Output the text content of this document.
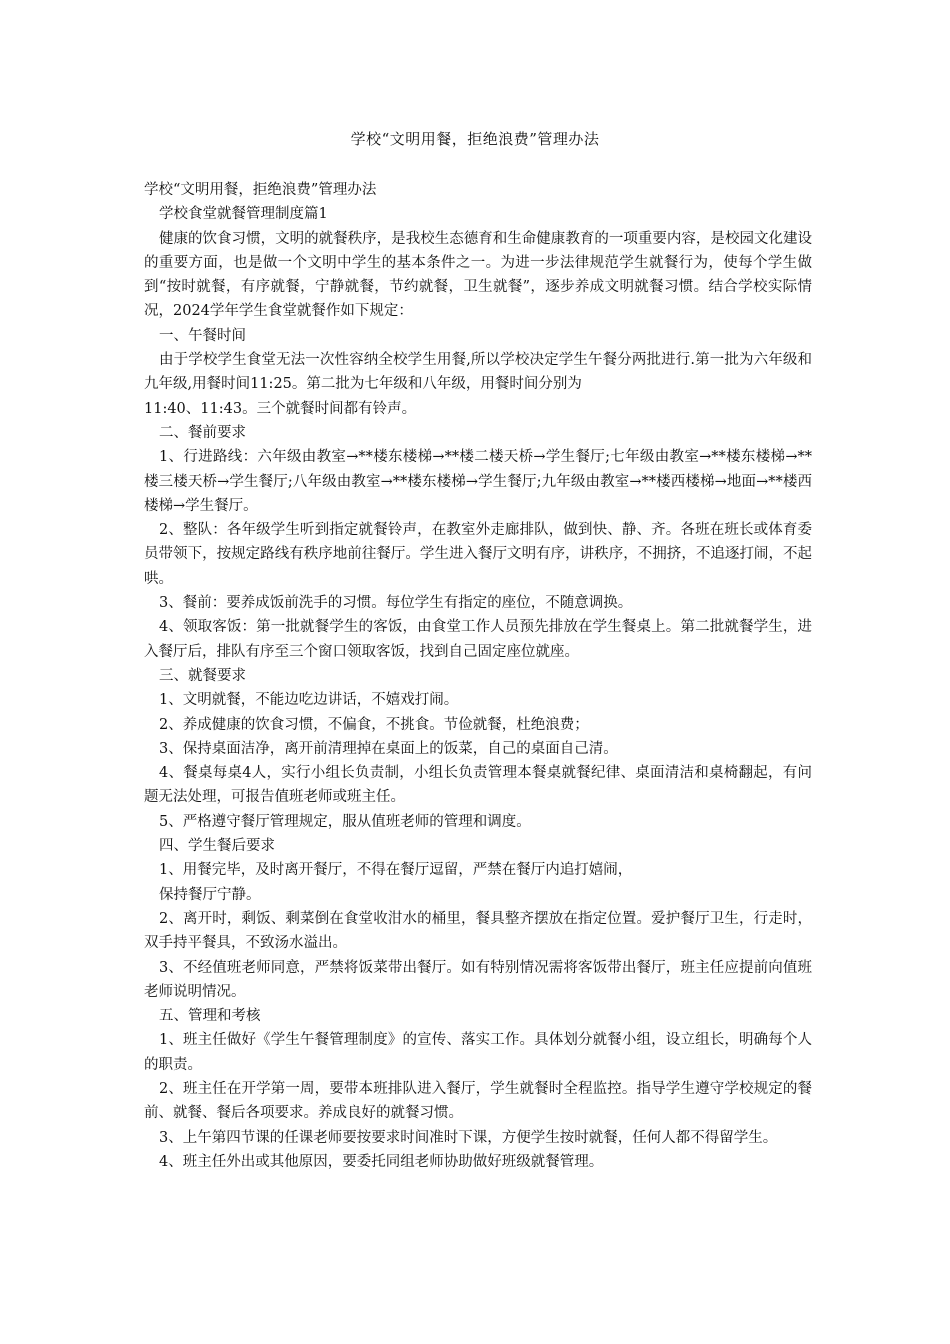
学校“文明用餐，拒绝浪费”管理办法

学校“文明用餐，拒绝浪费”管理办法

学校食堂就餐管理制度篇1

健康的饮食习惯，文明的就餐秩序，是我校生态德育和生命健康教育的一项重要内容，是校园文化建设的重要方面，也是做一个文明中学生的基本条件之一。为进一步法律规范学生就餐行为，使每个学生做到“按时就餐，有序就餐，宁静就餐，节约就餐，卫生就餐”，逐步养成文明就餐习惯。结合学校实际情况，2024学年学生食堂就餐作如下规定：

一、午餐时间

由于学校学生食堂无法一次性容纳全校学生用餐,所以学校决定学生午餐分两批进行.第一批为六年级和九年级,用餐时间11:25。第二批为七年级和八年级，用餐时间分别为

11:40、11:43。三个就餐时间都有铃声。

二、餐前要求

1、行进路线：六年级由教室→**楼东楼梯→**楼二楼天桥→学生餐厅;七年级由教室→**楼东楼梯→**楼三楼天桥→学生餐厅;八年级由教室→**楼东楼梯→学生餐厅;九年级由教室→**楼西楼梯→地面→**楼西楼梯→学生餐厅。

2、整队：各年级学生听到指定就餐铃声，在教室外走廊排队，做到快、静、齐。各班在班长或体育委员带领下，按规定路线有秩序地前往餐厅。学生进入餐厅文明有序，讲秩序，不拥挤，不追逐打闹，不起哄。

3、餐前：要养成饭前洗手的习惯。每位学生有指定的座位，不随意调换。

4、领取客饭：第一批就餐学生的客饭，由食堂工作人员预先排放在学生餐桌上。第二批就餐学生，进入餐厅后，排队有序至三个窗口领取客饭，找到自己固定座位就座。

三、就餐要求

1、文明就餐，不能边吃边讲话，不嬉戏打闹。

2、养成健康的饮食习惯，不偏食，不挑食。节俭就餐，杜绝浪费；

3、保持桌面洁净，离开前清理掉在桌面上的饭菜，自己的桌面自己清。

4、餐桌每桌4人，实行小组长负责制，小组长负责管理本餐桌就餐纪律、桌面清洁和桌椅翻起，有问题无法处理，可报告值班老师或班主任。

5、严格遵守餐厅管理规定，服从值班老师的管理和调度。

四、学生餐后要求

1、用餐完毕，及时离开餐厅，不得在餐厅逗留，严禁在餐厅内追打嬉闹，

保持餐厅宁静。

2、离开时，剩饭、剩菜倒在食堂收泔水的桶里，餐具整齐摆放在指定位置。爱护餐厅卫生，行走时，双手持平餐具，不致汤水溢出。

3、不经值班老师同意，严禁将饭菜带出餐厅。如有特别情况需将客饭带出餐厅，班主任应提前向值班老师说明情况。

五、管理和考核

1、班主任做好《学生午餐管理制度》的宣传、落实工作。具体划分就餐小组，设立组长，明确每个人的职责。

2、班主任在开学第一周，要带本班排队进入餐厅，学生就餐时全程监控。指导学生遵守学校规定的餐前、就餐、餐后各项要求。养成良好的就餐习惯。

3、上午第四节课的任课老师要按要求时间准时下课，方便学生按时就餐，任何人都不得留学生。

4、班主任外出或其他原因，要委托同组老师协助做好班级就餐管理。
